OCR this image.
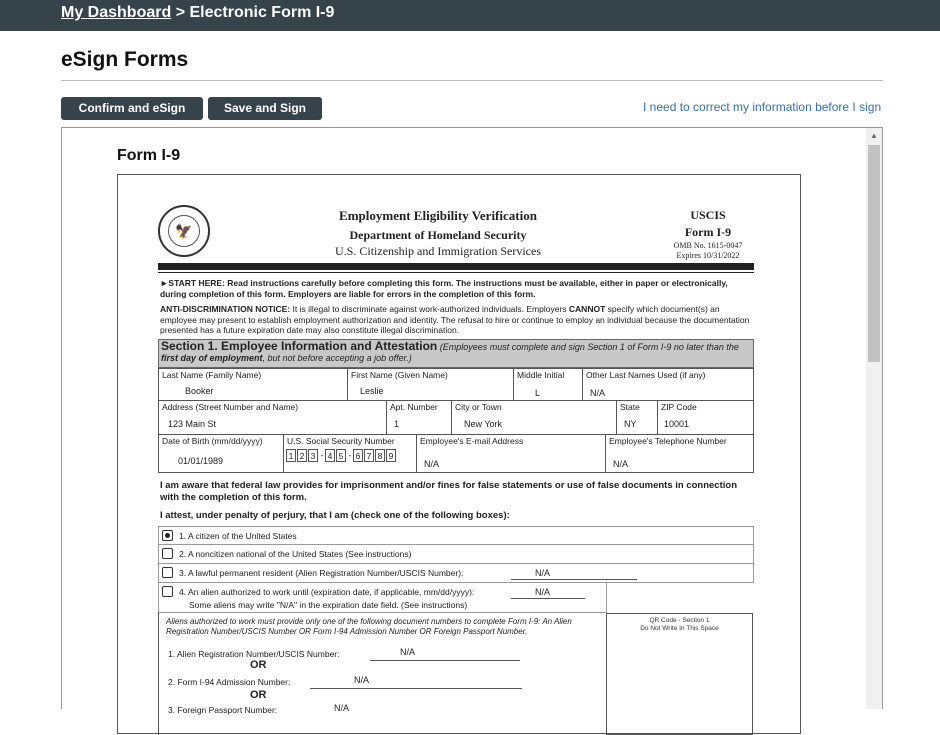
My Dashboard > Electronic Form I-9
eSign Forms
Confirm and eSign	Save and Sign	I need to correct my information before I sign
▲
Form I-9
🦅
Employment Eligibility Verification
Department of Homeland Security
U.S. Citizenship and Immigration Services
USCIS
Form I-9
OMB No. 1615-0047
Expires 10/31/2022
►START HERE: Read instructions carefully before completing this form. The instructions must be available, either in paper or electronically, during completion of this form. Employers are liable for errors in the completion of this form.
ANTI-DISCRIMINATION NOTICE: It is illegal to discriminate against work-authorized individuals. Employers CANNOT specify which document(s) an employee may present to establish employment authorization and identity. The refusal to hire or continue to employ an individual because the documentation presented has a future expiration date may also constitute illegal discrimination.
Section 1. Employee Information and Attestation (Employees must complete and sign Section 1 of Form I-9 no later than the first day of employment, but not before accepting a job offer.)
Last Name (Family Name)
Booker
First Name (Given Name)
Leslie
Middle Initial
L
Other Last Names Used (if any)
N/A
Address (Street Number and Name)
123 Main St
Apt. Number
1
City or Town
New York
State
NY
ZIP Code
10001
Date of Birth (mm/dd/yyyy)
01/01/1989
U.S. Social Security Number
1 2 3 - 4 5 - 6 7 8 9
Employee's E-mail Address
N/A
Employee's Telephone Number
N/A
I am aware that federal law provides for imprisonment and/or fines for false statements or use of false documents in connection with the completion of this form.
I attest, under penalty of perjury, that I am (check one of the following boxes):
1. A citizen of the United States
2. A noncitizen national of the United States (See instructions)
3. A lawful permanent resident (Alien Registration Number/USCIS Number):	N/A
4. An alien authorized to work until (expiration date, if applicable, mm/dd/yyyy):	N/A
Some aliens may write "N/A" in the expiration date field. (See instructions)
Aliens authorized to work must provide only one of the following document numbers to complete Form I-9: An Alien Registration Number/USCIS Number OR Form I-94 Admission Number OR Foreign Passport Number.
QR Code - Section 1
Do Not Write In This Space
1. Alien Registration Number/USCIS Number:	N/A
OR
2. Form I-94 Admission Number:	N/A
OR
3. Foreign Passport Number:	N/A
